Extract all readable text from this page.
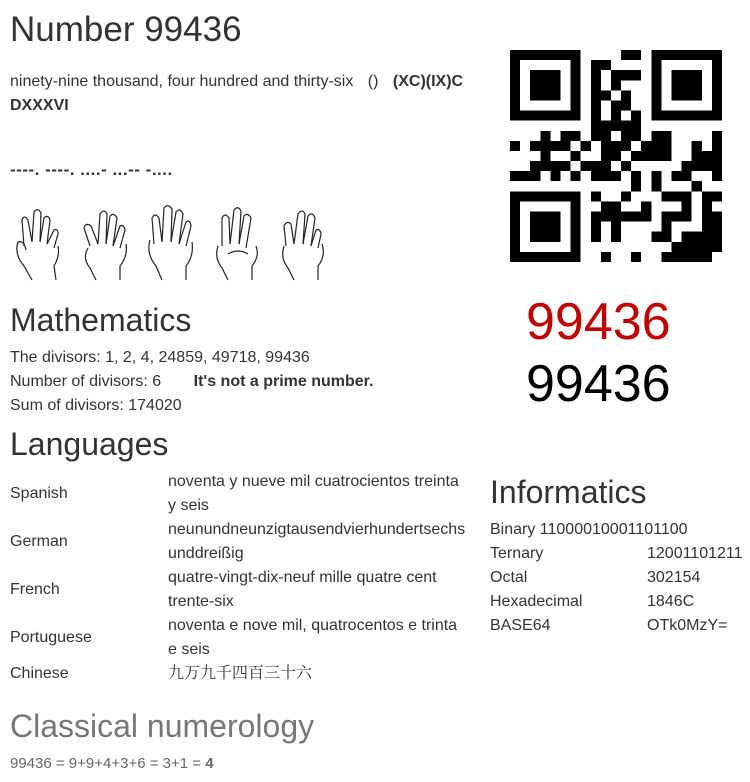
Number 99436
ninety-nine thousand, four hundred and thirty-six () (XC)(IX)C
DXXXVI
----. ----. ....- ...-- -....
99436
99436
Mathematics
The divisors: 1, 2, 4, 24859, 49718, 99436
Number of divisors: 6 It's not a prime number.
Sum of divisors: 174020
Languages
Spanish	noventa y nueve mil cuatrocientos treinta
y seis
German	neunundneunzigtausendvierhundertsechs
unddreißig
French	quatre-vingt-dix-neuf mille quatre cent
trente-six
Portuguese	noventa e nove mil, quatrocentos e trinta
e seis
Chinese	九万九千四百三十六
Informatics
Binary 11000010001101100
Ternary	12001101211
Octal	302154
Hexadecimal	1846C
BASE64	OTk0MzY=
Classical numerology
99436 = 9+9+4+3+6 = 3+1 = 4
